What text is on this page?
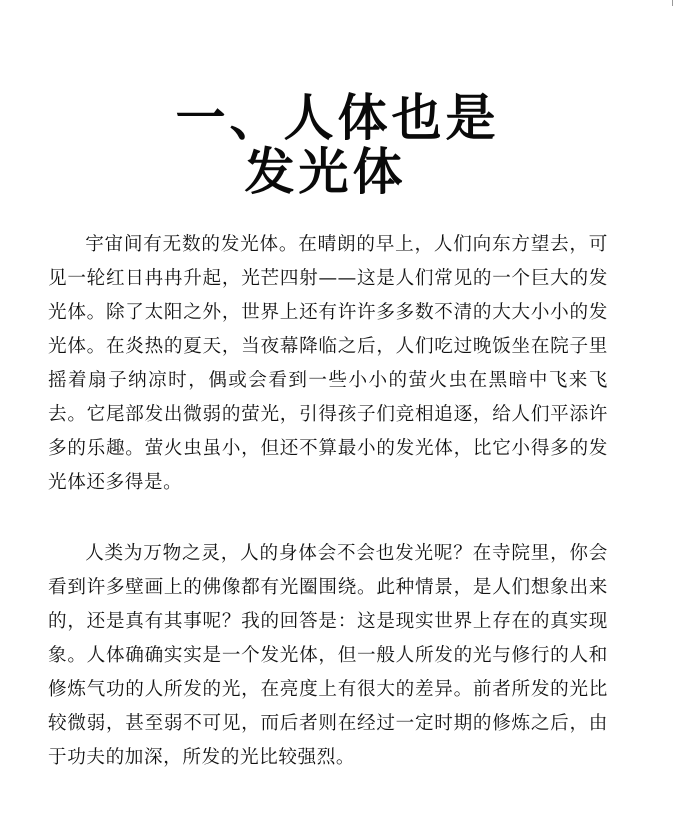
一、人体也是
发光体

宇宙间有无数的发光体。在晴朗的早上，人们向东方望去，可见一轮红日冉冉升起，光芒四射——这是人们常见的一个巨大的发光体。除了太阳之外，世界上还有许许多多数不清的大大小小的发光体。在炎热的夏天，当夜幕降临之后，人们吃过晚饭坐在院子里摇着扇子纳凉时，偶或会看到一些小小的萤火虫在黑暗中飞来飞去。它尾部发出微弱的萤光，引得孩子们竞相追逐，给人们平添许多的乐趣。萤火虫虽小，但还不算最小的发光体，比它小得多的发光体还多得是。

人类为万物之灵，人的身体会不会也发光呢？在寺院里，你会看到许多壁画上的佛像都有光圈围绕。此种情景，是人们想象出来的，还是真有其事呢？我的回答是：这是现实世界上存在的真实现象。人体确确实实是一个发光体，但一般人所发的光与修行的人和修炼气功的人所发的光，在亮度上有很大的差异。前者所发的光比较微弱，甚至弱不可见，而后者则在经过一定时期的修炼之后，由于功夫的加深，所发的光比较强烈。
